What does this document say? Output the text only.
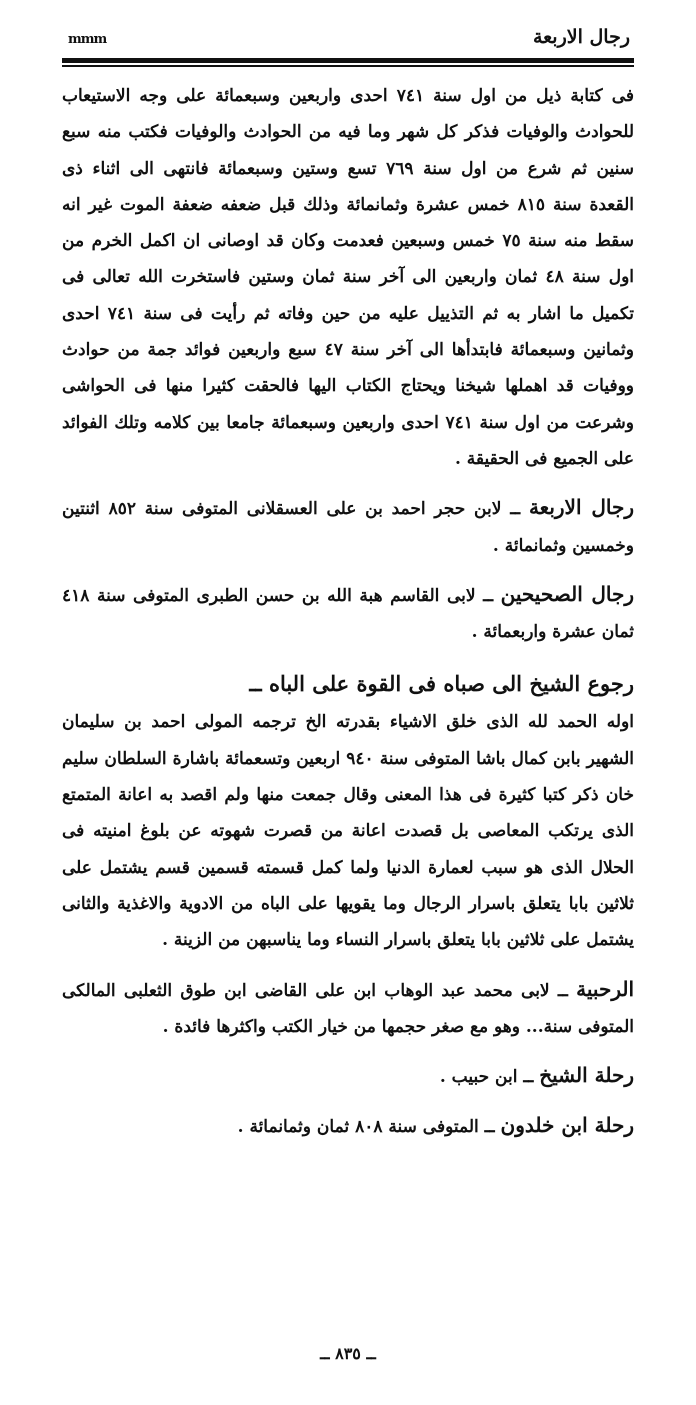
رجال الاربعة
mmm

فى كتابة ذيل من اول سنة ٧٤١ احدى واربعين وسبعمائة على وجه الاستيعاب للحوادث والوفيات فذكر كل شهر وما فيه من الحوادث والوفيات فكتب منه سبع سنين ثم شرع من اول سنة ٧٦٩ تسع وستين وسبعمائة فانتهى الى اثناء ذى القعدة سنة ٨١٥ خمس عشرة وثمانمائة وذلك قبل ضعفه ضعفة الموت غير انه سقط منه سنة ٧٥ خمس وسبعين فعدمت وكان قد اوصانى ان اكمل الخرم من اول سنة ٤٨ ثمان واربعين الى آخر سنة ثمان وستين فاستخرت الله تعالى فى تكميل ما اشار به ثم التذييل عليه من حين وفاته ثم رأيت فى سنة ٧٤١ احدى وثمانين وسبعمائة فابتدأها الى آخر سنة ٤٧ سبع واربعين فوائد جمة من حوادث ووفيات قد اهملها شيخنا ويحتاج الكتاب اليها فالحقت كثيرا منها فى الحواشى وشرعت من اول سنة ٧٤١ احدى واربعين وسبعمائة جامعا بين كلامه وتلك الفوائد على الجميع فى الحقيقة .

رجال الاربعة ــ لابن حجر احمد بن على العسقلانى المتوفى سنة ٨٥٢ اثنتين وخمسين وثمانمائة .

رجال الصحيحين ــ لابى القاسم هبة الله بن حسن الطبرى المتوفى سنة ٤١٨ ثمان عشرة واربعمائة .

رجوع الشيخ الى صباه فى القوة على الباه ــ
اوله الحمد لله الذى خلق الاشياء بقدرته الخ ترجمه المولى احمد بن سليمان الشهير بابن كمال باشا المتوفى سنة ٩٤٠ اربعين وتسعمائة باشارة السلطان سليم خان ذكر كتبا كثيرة فى هذا المعنى وقال جمعت منها ولم اقصد به اعانة المتمتع الذى يرتكب المعاصى بل قصدت اعانة من قصرت شهوته عن بلوغ امنيته فى الحلال الذى هو سبب لعمارة الدنيا ولما كمل قسمته قسمين قسم يشتمل على ثلاثين بابا يتعلق باسرار الرجال وما يقويها على الباه من الادوية والاغذية والثانى يشتمل على ثلاثين بابا يتعلق باسرار النساء وما يناسبهن من الزينة .

الرحبية ــ لابى محمد عبد الوهاب ابن على القاضى ابن طوق الثعلبى المالكى المتوفى سنة... وهو مع صغر حجمها من خيار الكتب واكثرها فائدة .

رحلة الشيخ ــ ابن حبيب .

رحلة ابن خلدون ــ المتوفى سنة ٨٠٨ ثمان وثمانمائة .

ــ ٨٣٥ ــ
